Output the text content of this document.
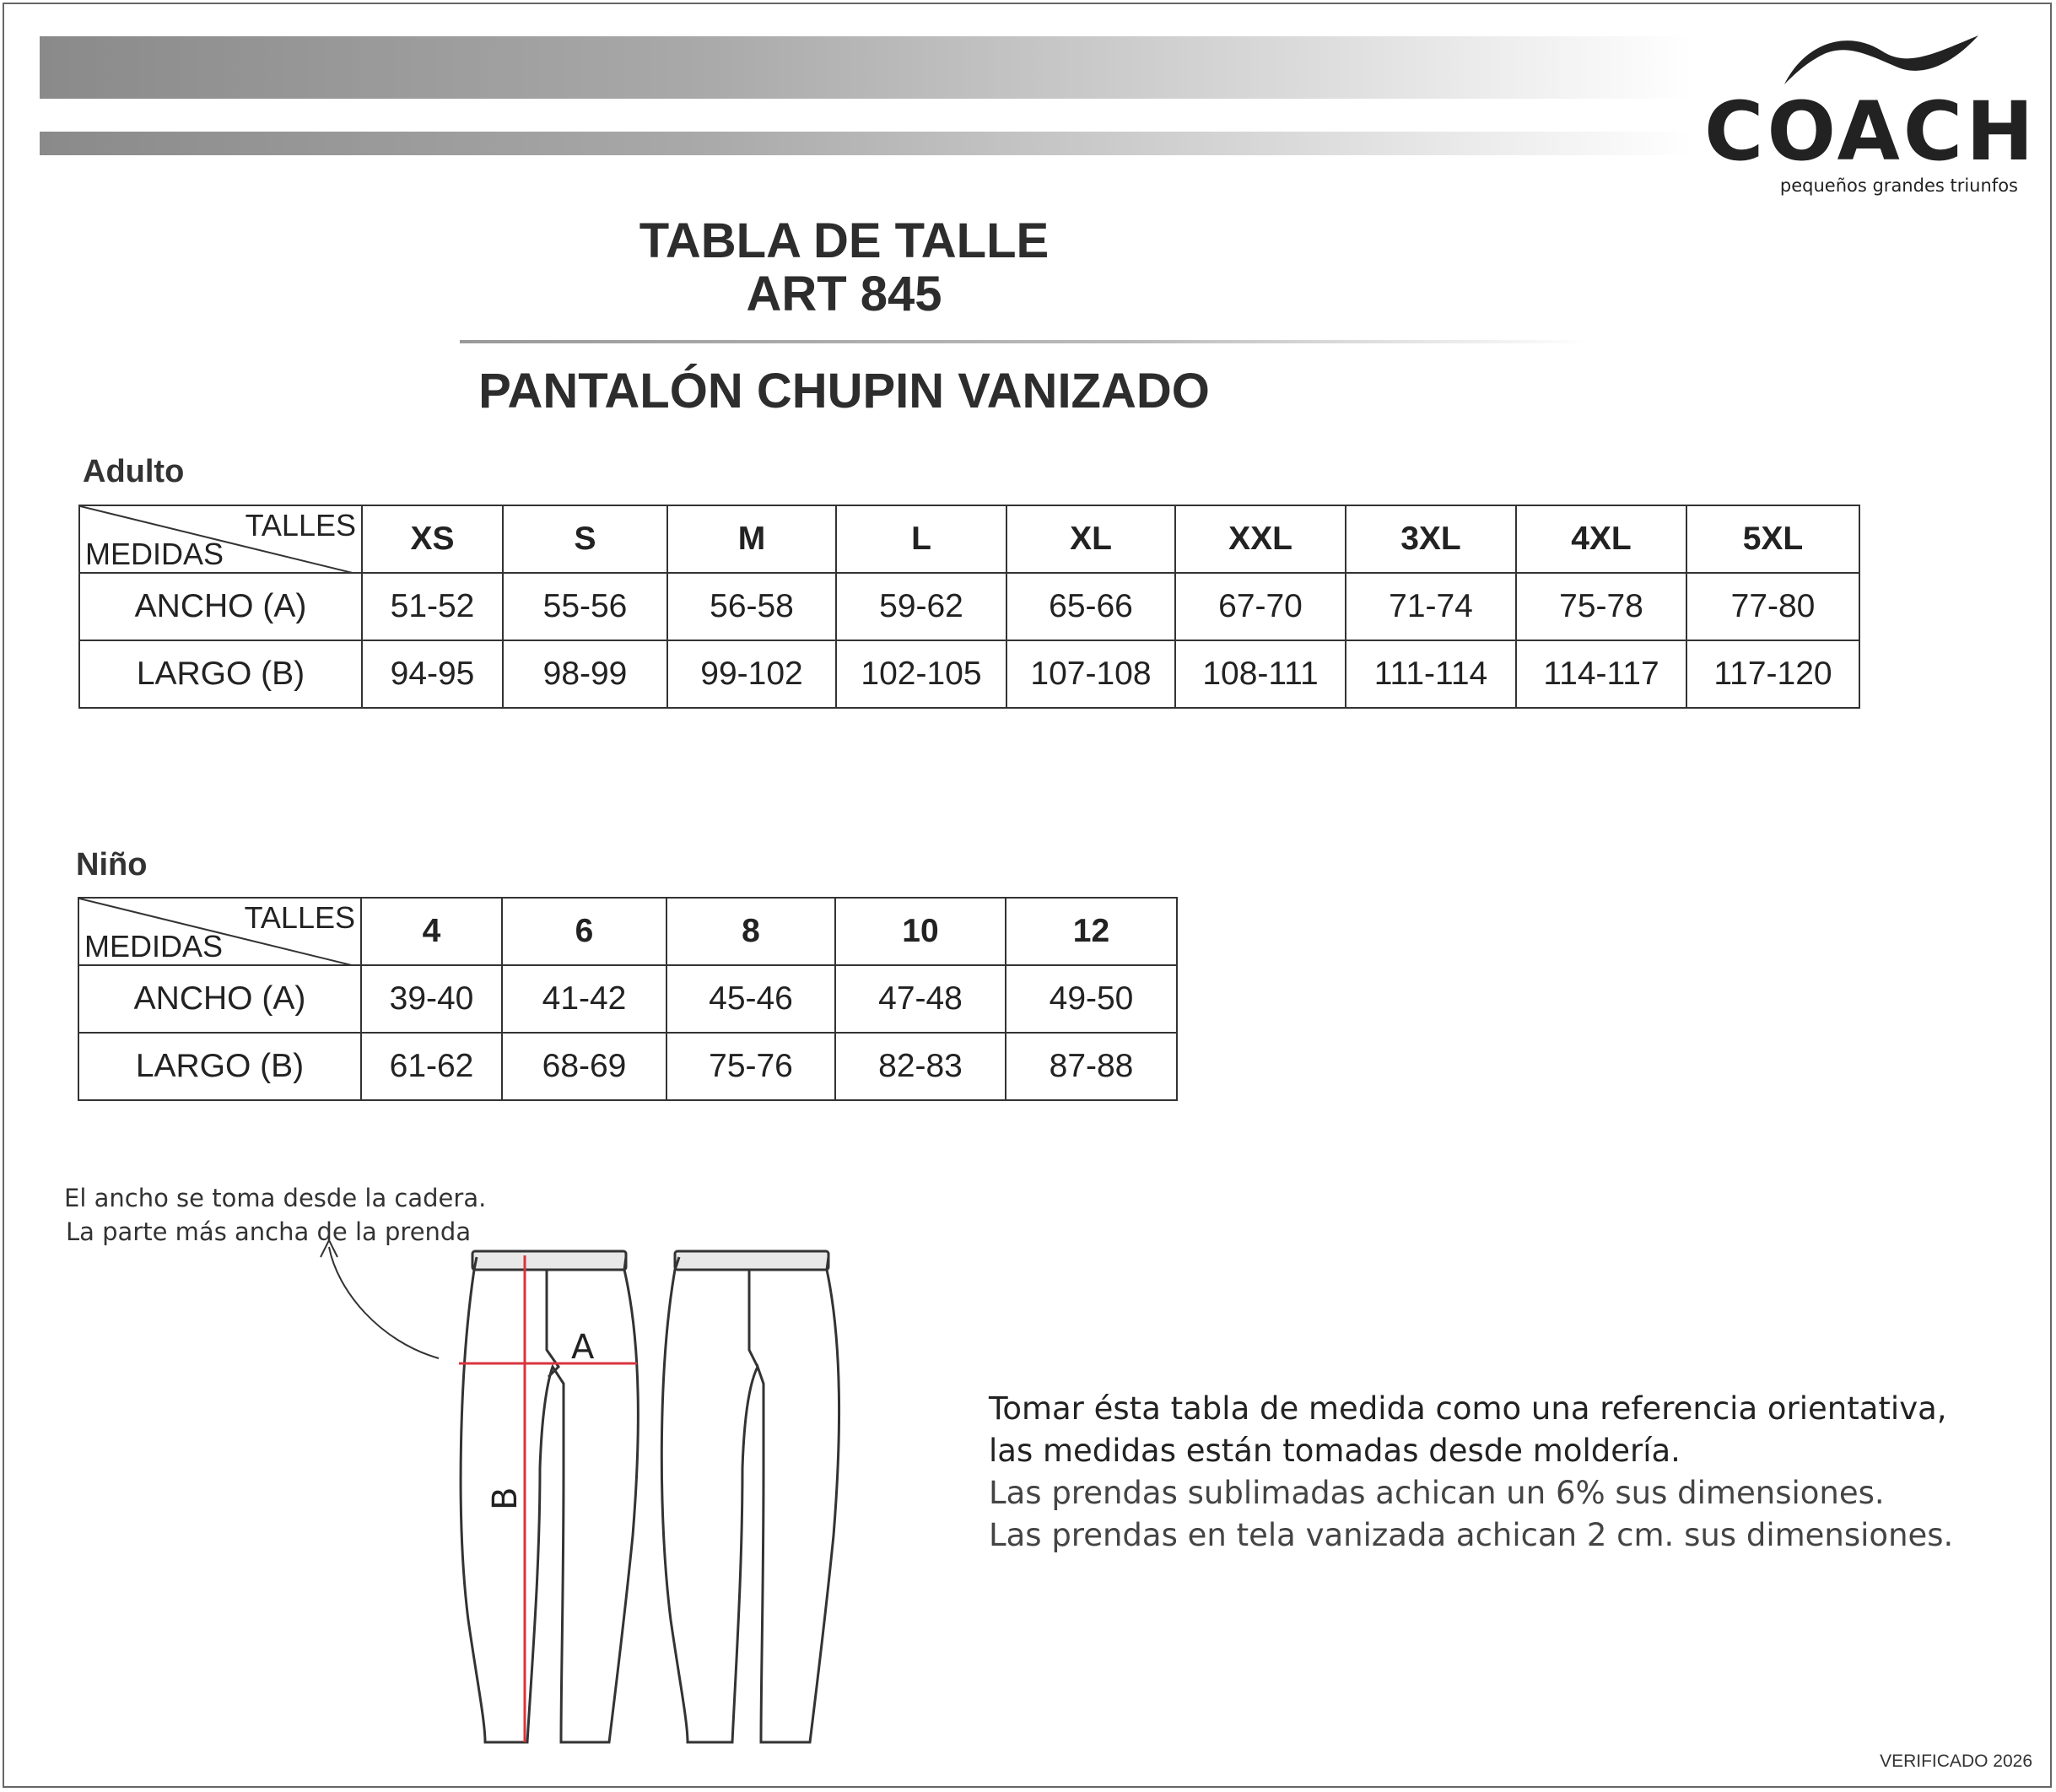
COACH
pequeños grandes triunfos
TABLA DE TALLE
ART 845
PANTALÓN CHUPIN VANIZADO
Adulto
TALLES
MEDIDAS	XS	S	M	L	XL	XXL	3XL	4XL	5XL
ANCHO (A)	51-52	55-56	56-58	59-62	65-66	67-70	71-74	75-78	77-80
LARGO (B)	94-95	98-99	99-102	102-105	107-108	108-111	111-114	114-117	117-120
Niño
TALLES
MEDIDAS	4	6	8	10	12
ANCHO (A)	39-40	41-42	45-46	47-48	49-50
LARGO (B)	61-62	68-69	75-76	82-83	87-88
El ancho se toma desde la cadera.
La parte más ancha de la prenda
A
B
Tomar ésta tabla de medida como una referencia orientativa,
las medidas están tomadas desde moldería.
Las prendas sublimadas achican un 6% sus dimensiones.
Las prendas en tela vanizada achican 2 cm. sus dimensiones.
VERIFICADO 2026
